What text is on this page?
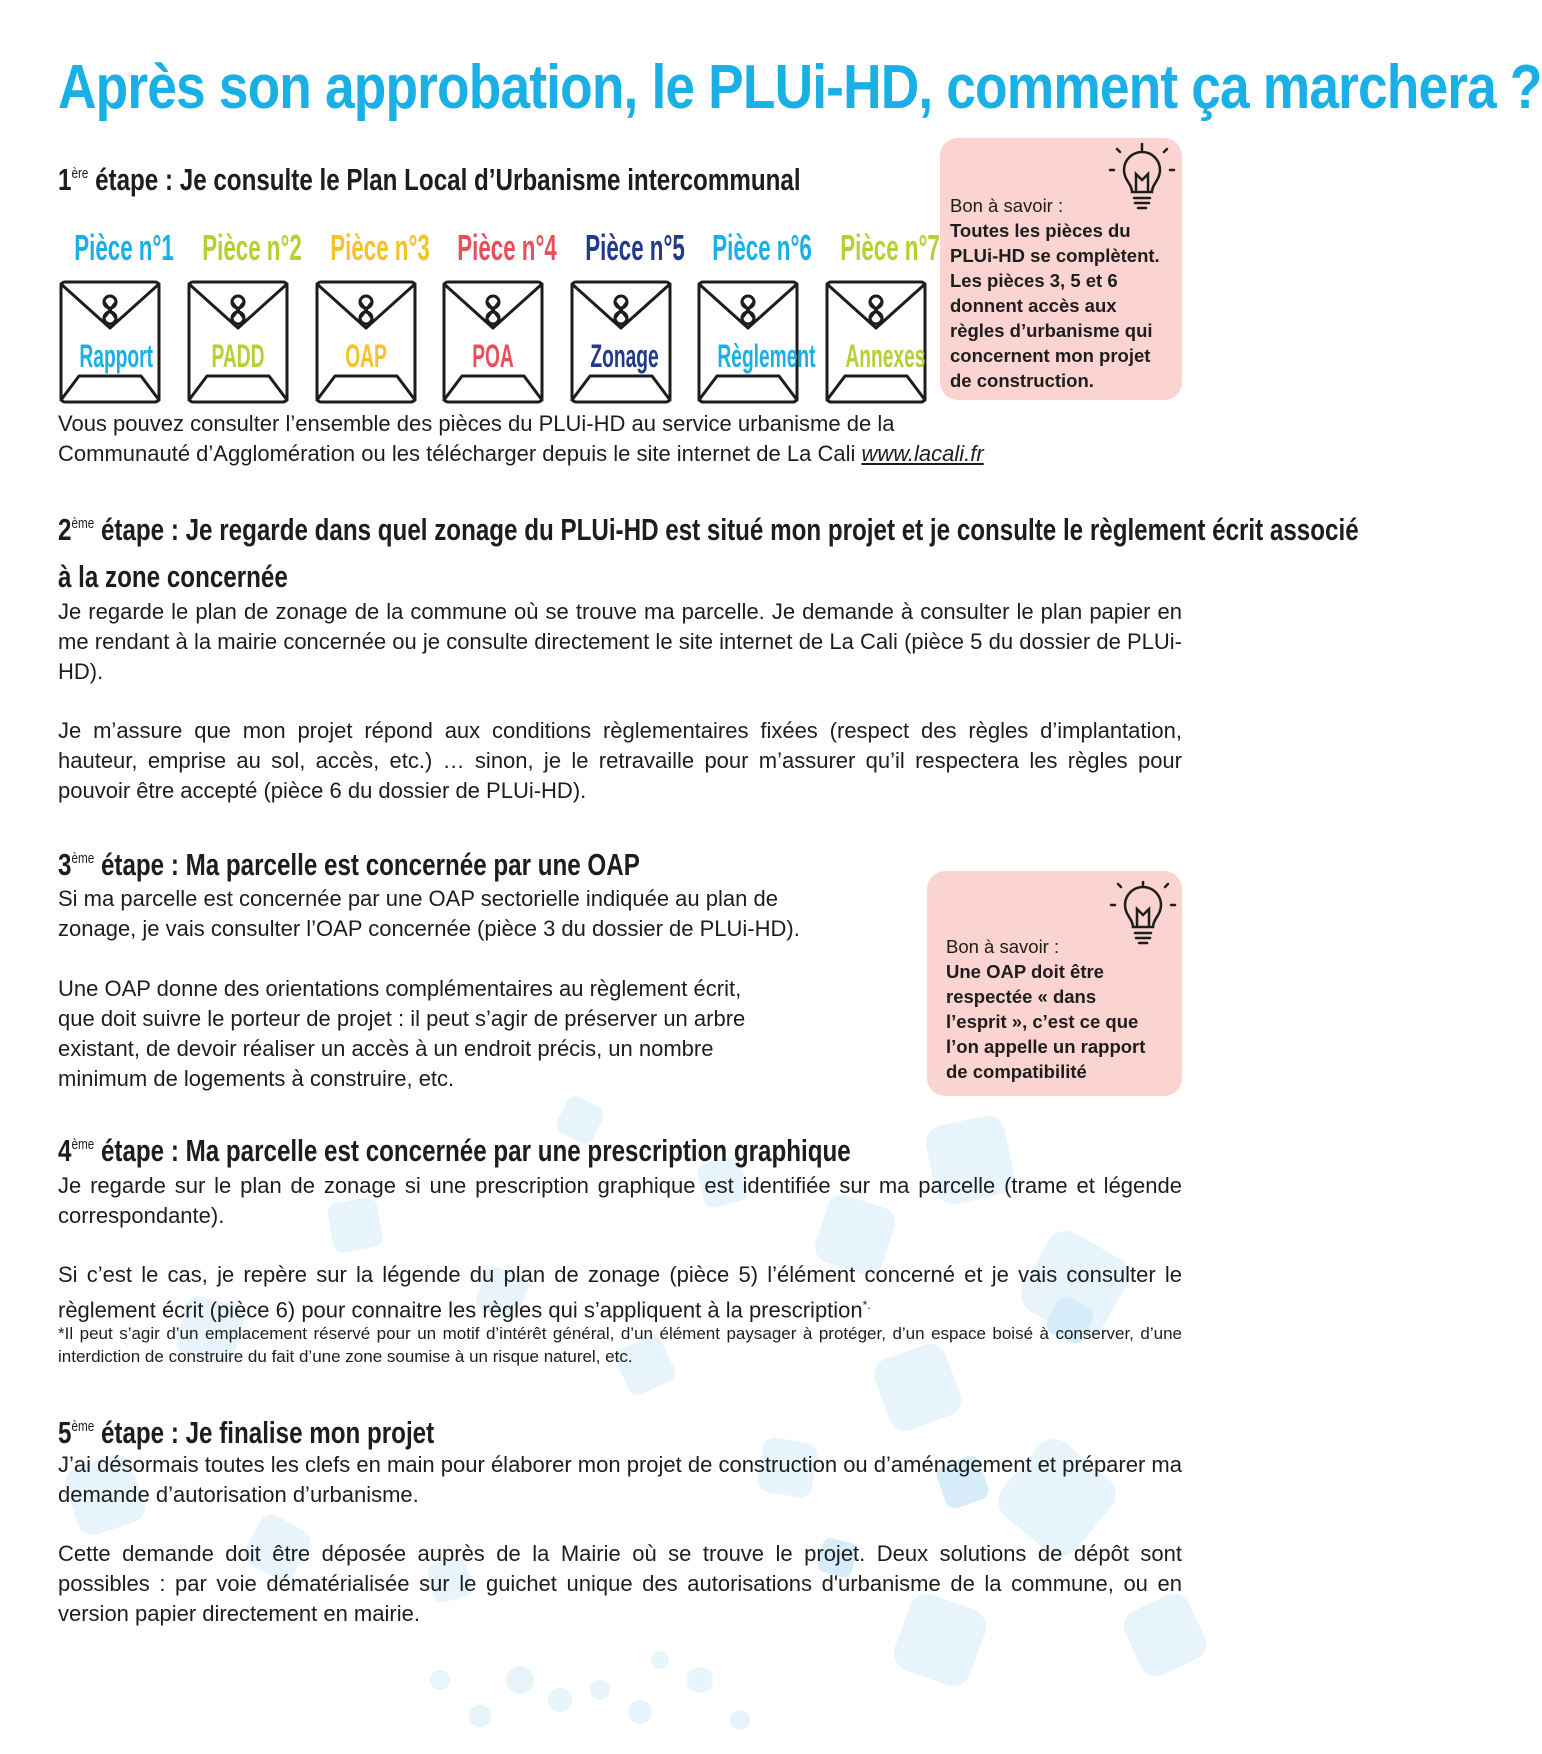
Après son approbation, le PLUi-HD, comment ça marchera ?
1ère étape : Je consulte le Plan Local d’Urbanisme intercommunal
Pièce n°1
Rapport
Pièce n°2
PADD
Pièce n°3
OAP
Pièce n°4
POA
Pièce n°5
Zonage
Pièce n°6
Règlement
Pièce n°7
Annexes
Bon à savoir :
Toutes les pièces du
PLUi-HD se complètent.
Les pièces 3, 5 et 6
donnent accès aux
règles d’urbanisme qui
concernent mon projet
de construction.
Vous pouvez consulter l’ensemble des pièces du PLUi-HD au service urbanisme de la
Communauté d’Agglomération ou les télécharger depuis le site internet de La Cali www.lacali.fr
2ème étape : Je regarde dans quel zonage du PLUi-HD est situé mon projet et je consulte le règlement écrit associé
à la zone concernée
Je regarde le plan de zonage de la commune où se trouve ma parcelle. Je demande à consulter le plan papier en me rendant à la mairie concernée ou je consulte directement le site internet de La Cali (pièce 5 du dossier de PLUi-HD).
Je m’assure que mon projet répond aux conditions règlementaires fixées (respect des règles d’implantation, hauteur, emprise au sol, accès, etc.) … sinon, je le retravaille pour m’assurer qu’il respectera les règles pour pouvoir être accepté (pièce 6 du dossier de PLUi-HD).
3ème étape : Ma parcelle est concernée par une OAP
Si ma parcelle est concernée par une OAP sectorielle indiquée au plan de
zonage, je vais consulter l’OAP concernée (pièce 3 du dossier de PLUi-HD).
Une OAP donne des orientations complémentaires au règlement écrit,
que doit suivre le porteur de projet : il peut s’agir de préserver un arbre
existant, de devoir réaliser un accès à un endroit précis, un nombre
minimum de logements à construire, etc.
Bon à savoir :
Une OAP doit être
respectée « dans
l’esprit », c’est ce que
l’on appelle un rapport
de compatibilité
4ème étape : Ma parcelle est concernée par une prescription graphique
Je regarde sur le plan de zonage si une prescription graphique est identifiée sur ma parcelle (trame et légende correspondante).
Si c’est le cas, je repère sur la légende du plan de zonage (pièce 5) l’élément concerné et je vais consulter le règlement écrit (pièce 6) pour connaitre les règles qui s’appliquent à la prescription*.
*Il peut s’agir d’un emplacement réservé pour un motif d’intérêt général, d’un élément paysager à protéger, d’un espace boisé à conserver, d’une interdiction de construire du fait d’une zone soumise à un risque naturel, etc.
5ème étape : Je finalise mon projet
J’ai désormais toutes les clefs en main pour élaborer mon projet de construction ou d’aménagement et préparer ma demande d’autorisation d’urbanisme.
Cette demande doit être déposée auprès de la Mairie où se trouve le projet. Deux solutions de dépôt sont possibles : par voie dématérialisée sur le guichet unique des autorisations d'urbanisme de la commune, ou en version papier directement en mairie.
